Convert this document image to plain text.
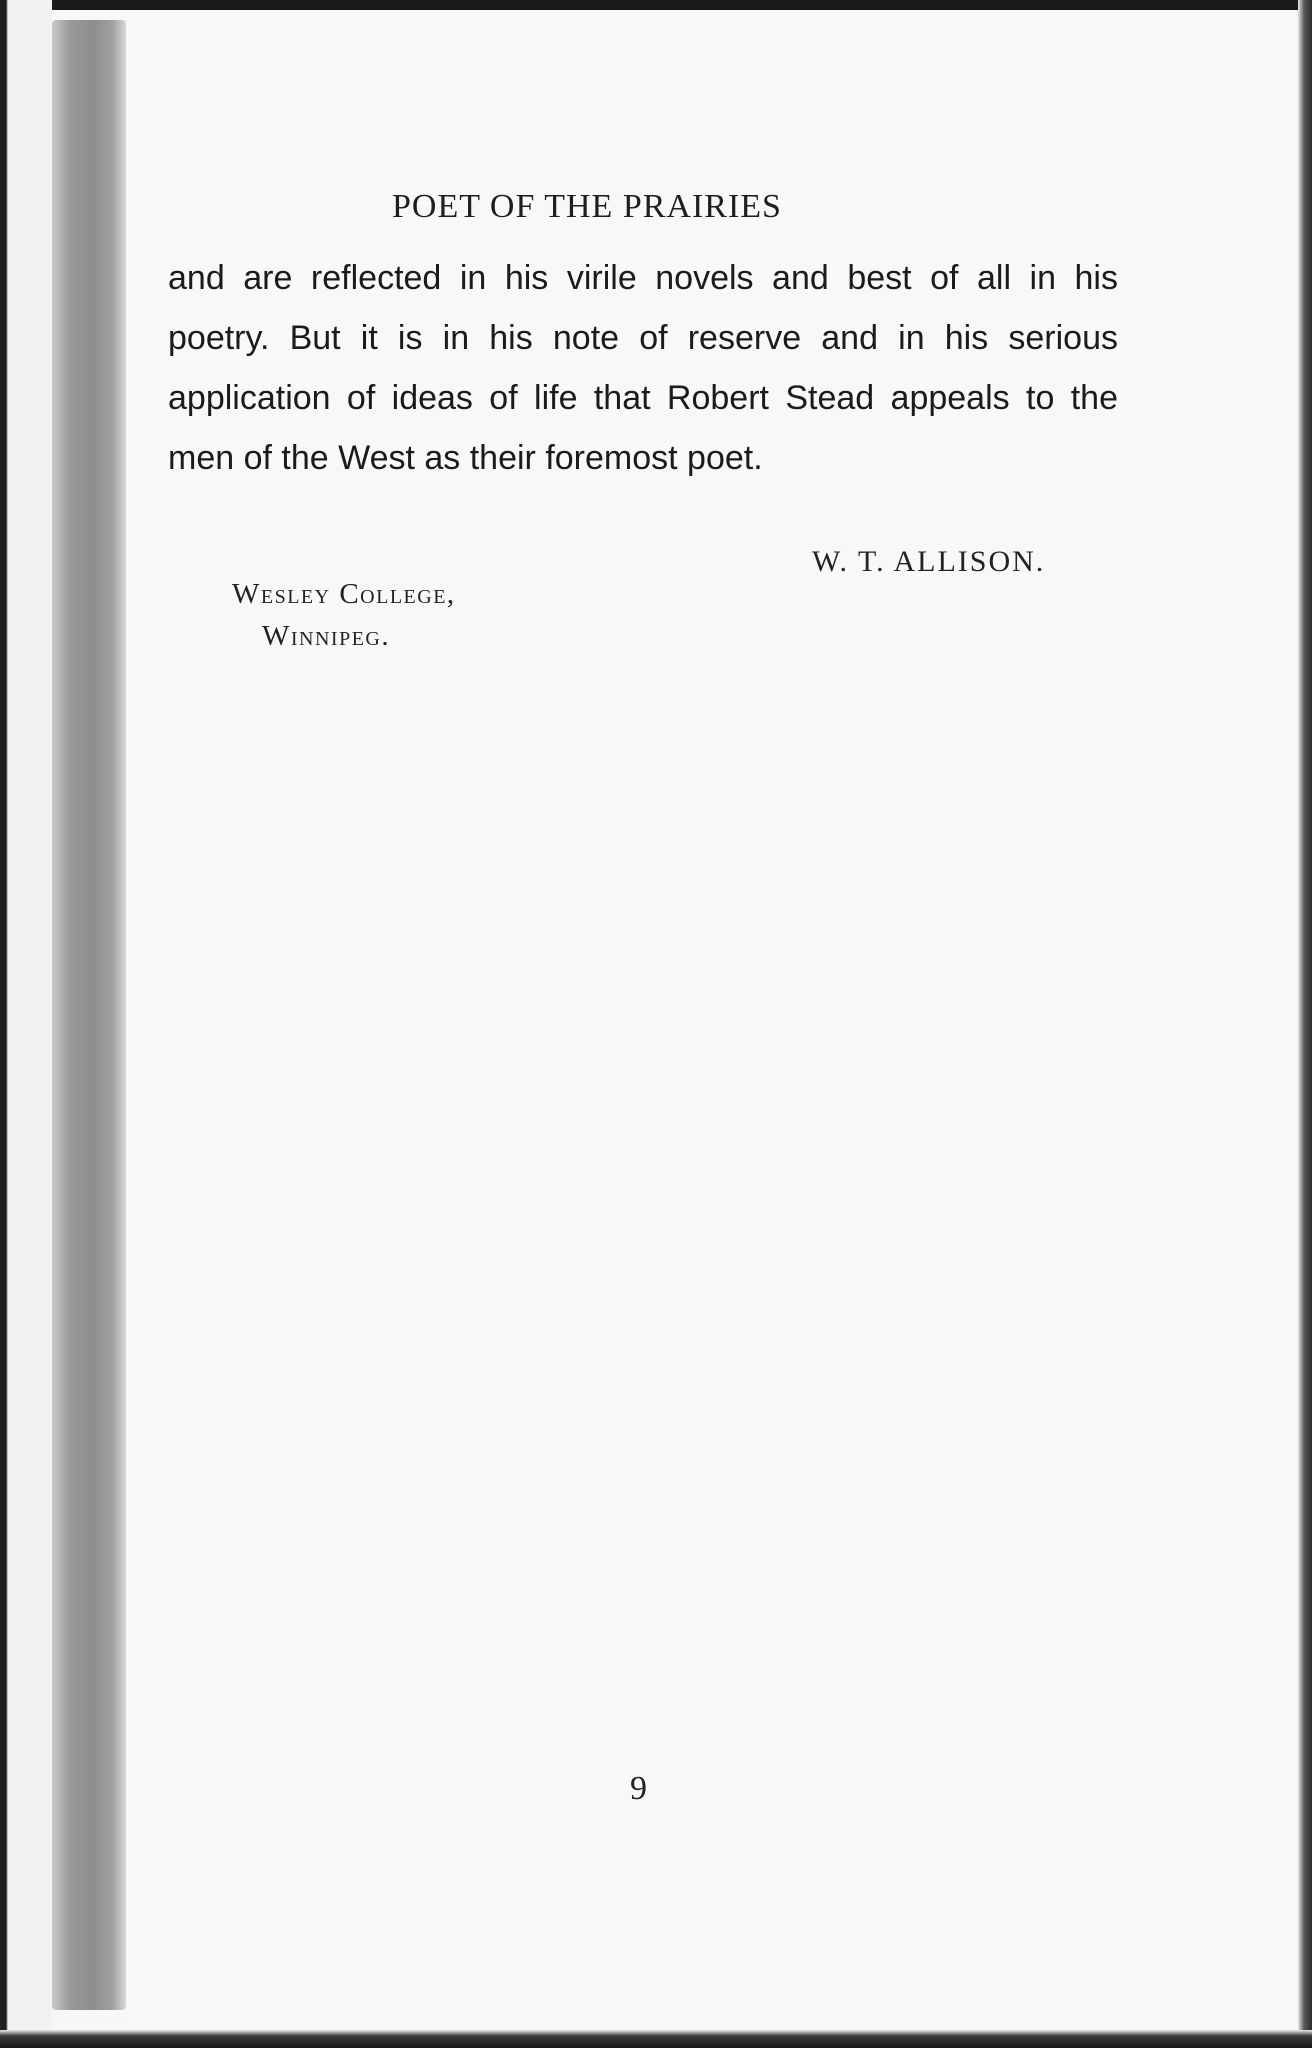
POET OF THE PRAIRIES

and are reflected in his virile novels and best of all in his poetry. But it is in his note of reserve and in his serious application of ideas of life that Robert Stead appeals to the men of the West as their foremost poet.

W. T. ALLISON.
Wesley College,
Winnipeg.
9
